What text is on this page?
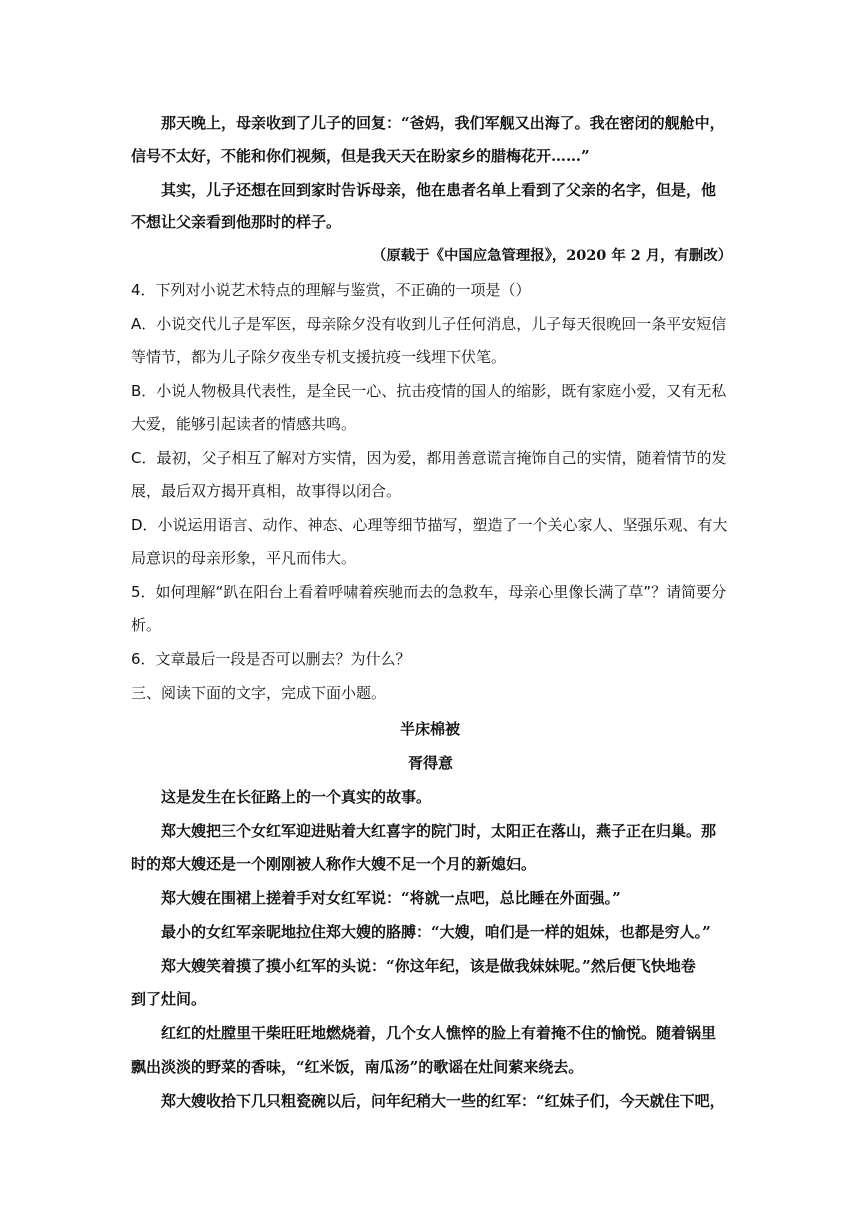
那天晚上，母亲收到了儿子的回复：“爸妈，我们军舰又出海了。我在密闭的舰舱中，

信号不太好，不能和你们视频，但是我天天在盼家乡的腊梅花开……”

其实，儿子还想在回到家时告诉母亲，他在患者名单上看到了父亲的名字，但是，他

不想让父亲看到他那时的样子。

（原载于《中国应急管理报》，2020 年 2 月，有删改）

4．下列对小说艺术特点的理解与鉴赏，不正确的一项是（）

A．小说交代儿子是军医，母亲除夕没有收到儿子任何消息，儿子每天很晚回一条平安短信

等情节，都为儿子除夕夜坐专机支援抗疫一线埋下伏笔。

B．小说人物极具代表性，是全民一心、抗击疫情的国人的缩影，既有家庭小爱，又有无私

大爱，能够引起读者的情感共鸣。

C．最初，父子相互了解对方实情，因为爱，都用善意谎言掩饰自己的实情，随着情节的发

展，最后双方揭开真相，故事得以闭合。

D．小说运用语言、动作、神态、心理等细节描写，塑造了一个关心家人、坚强乐观、有大

局意识的母亲形象，平凡而伟大。

5．如何理解“趴在阳台上看着呼啸着疾驰而去的急救车，母亲心里像长满了草”？请简要分

析。

6．文章最后一段是否可以删去？为什么？

三、阅读下面的文字，完成下面小题。

半床棉被

胥得意

这是发生在长征路上的一个真实的故事。

郑大嫂把三个女红军迎进贴着大红喜字的院门时，太阳正在落山，燕子正在归巢。那

时的郑大嫂还是一个刚刚被人称作大嫂不足一个月的新媳妇。

郑大嫂在围裙上搓着手对女红军说：“将就一点吧，总比睡在外面强。”

最小的女红军亲昵地拉住郑大嫂的胳膊：“大嫂，咱们是一样的姐妹，也都是穷人。”

郑大嫂笑着摸了摸小红军的头说：“你这年纪，该是做我妹妹呢。”然后便飞快地卷

到了灶间。

红红的灶膛里干柴旺旺地燃烧着，几个女人憔悴的脸上有着掩不住的愉悦。随着锅里

飘出淡淡的野菜的香味，“红米饭，南瓜汤”的歌谣在灶间萦来绕去。

郑大嫂收拾下几只粗瓷碗以后，问年纪稍大一些的红军：“红妹子们，今天就住下吧，
